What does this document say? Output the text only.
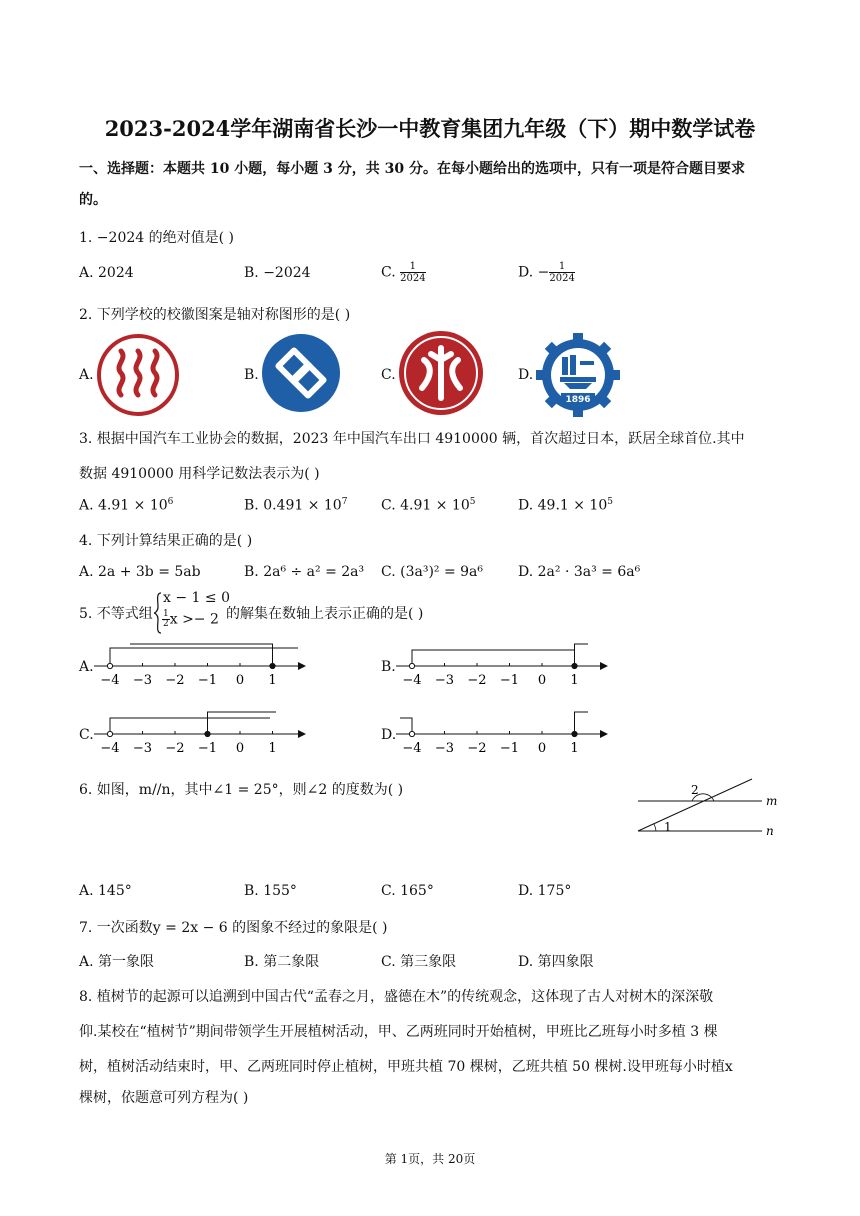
2023-2024学年湖南省长沙一中教育集团九年级（下）期中数学试卷
一、选择题：本题共 10 小题，每小题 3 分，共 30 分。在每小题给出的选项中，只有一项是符合题目要求
的。
1. −2024 的绝对值是( )
A. 2024	B. −2024	C. $\frac{1}{2024}$	D. − $\frac{1}{2024}$
2. 下列学校的校徽图案是轴对称图形的是( )
A.	B.	C.	D.
1896
3. 根据中国汽车工业协会的数据，2023 年中国汽车出口 4910000 辆，首次超过日本，跃居全球首位.其中
数据 4910000 用科学记数法表示为( )
A. $4.91 \times 10^6$	B. $0.491 \times 10^7$ C. $4.91 \times 10^5$	D. $49.1 \times 10^5$
4. 下列计算结果正确的是( )
A. 2a + 3b = 5ab	B. 2a⁶ ÷ a² = 2a³ C. (3a³)² = 9a⁶ D. 2a² · 3a³ = 6a⁶
5. 不等式组
x − 1 ≤ 0
$\frac{1}{2}$ x >− 2 的解集在数轴上表示正确的是( )
A.	B.
C.	D.
−4 −3 −2 −1 0 1	−4 −3 −2 −1 0 1
−4 −3 −2 −1 0 1	−4 −3 −2 −1 0 1
6. 如图，m//n，其中∠1 = 25°，则∠2 的度数为( )
m
n
1
2
A. 145°	B. 155°	C. 165°	D. 175°
7. 一次函数y = 2x − 6 的图象不经过的象限是( )
A. 第一象限	B. 第二象限	C. 第三象限	D. 第四象限
8. 植树节的起源可以追溯到中国古代“孟春之月，盛德在木”的传统观念，这体现了古人对树木的深深敬
仰.某校在“植树节”期间带领学生开展植树活动，甲、乙两班同时开始植树，甲班比乙班每小时多植 3 棵
树，植树活动结束时，甲、乙两班同时停止植树，甲班共植 70 棵树，乙班共植 50 棵树.设甲班每小时植x
棵树，依题意可列方程为( )
第 1页，共 20页
